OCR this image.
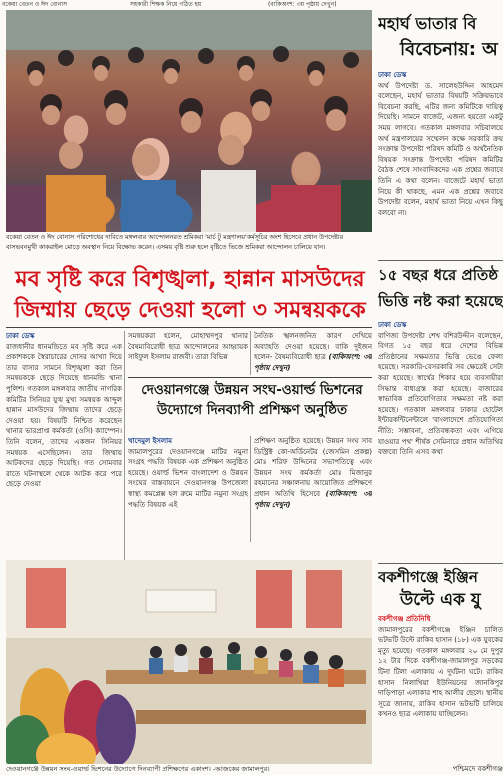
বকেয়া বেতন ও ঈদ বোনাস	সহকারী শিক্ষক নিয়ে গঠিত হয়	(বাকিঅংশ: ৩য় পৃষ্ঠায় দেখুন)
বকেয়া বেতন ও ঈদ বোনাস পরিশোধের দাবিতে মঙ্গলবার আন্দোলনরত শ্রমিকরা 'মার্চ টু মন্ত্রণালয়'কর্মসূচির অংশ হিসেবে প্রধান উপদেষ্টার বাসভবনমুখী কাকরাইল মোড়ে অবস্থান নিয়ে বিক্ষোভ করেন। এসময় বৃষ্টি শুরু হলে বৃষ্টিতে ভিজে শ্রমিকরা আন্দোলন চালিয়ে যান।
মব সৃষ্টি করে বিশৃঙ্খলা, হান্নান মাসউদের
জিম্মায় ছেড়ে দেওয়া হলো ৩ সমন্বয়ককে
ঢাকা ডেস্ক
রাজধানীর ধানমন্ডিতে মব সৃষ্টি করে এক প্রকাশককে স্বৈরাচারের দোসর আখ্যা দিয়ে তার বাসার সামনে বিশৃঙ্খলা করা তিন সমন্বয়ককে ছেড়ে দিয়েছে ধানমন্ডি থানা পুলিশ। গতকাল মঙ্গলবার জাতীয় নাগরিক কমিটির সিনিয়র যুগ্ম মুখ্য সমন্বয়ক আব্দুল হান্নান মাসউদের জিম্মায় তাদের ছেড়ে দেওয়া হয়। বিষয়টি নিশ্চিত করেছেন থানার ভারপ্রাপ্ত কর্মকর্তা (ওসি) ক্যাম্পেন। তিনি বলেন, তাদের একজন সিনিয়র সমন্বয়ক এসেছিলেন। তার জিম্মায় আটকদের ছেড়ে দিয়েছি। গত সোমবার রাতে ঘটনাস্থলে থেকে আটক করে পরে ছেড়ে দেওয়া
সমন্বয়করা হলেন, মোহাম্মদপুর থানার বৈষম্যবিরোধী ছাত্র আন্দোলনের আহ্বায়ক সাইফুল ইসলাম রাজবী। তারা বিভিন্ন
নৈতিক স্খলনজনিত কারণ দেখিয়ে অব্যাহতি দেওয়া হয়েছে। বাকি দুইজন হলেন- বৈষম্যবিরোধী ছাত্র (বাকিঅংশ: ৩য় পৃষ্ঠায় দেখুন)
দেওয়ানগঞ্জে উন্নয়ন সংঘ-ওয়ার্ল্ড ভিশনের
উদ্যোগে দিনব্যাপী প্রশিক্ষণ অনুষ্ঠিত
খাদেমুল ইসলাম
জামালপুরের দেওয়ানগঞ্জে মাটির নমুনা সংগ্রহ পদ্ধতি বিষয়ক এক প্রশিক্ষণ অনুষ্ঠিত হয়েছে। ওয়ার্ল্ড ভিশন বাংলাদেশ ও উন্নয়ন সংঘের বাস্তবায়নে দেওয়ানগঞ্জ উপজেলা স্বাস্থ্য কমপ্লেক্স হল রুমে মাটির নমুনা সংগ্রহ পদ্ধতি বিষয়ক এই
প্রশিক্ষণ অনুষ্ঠিত হয়েছে। উন্নয়ন সংঘ সাব ডিস্ট্রিক্ট কো-অর্ডিনেটর (জেসমিন প্রকল্প) মোঃ শরিফ উদ্দিনের সভাপতিত্বে এবং উন্নয়ন সংঘ কর্মকর্তা মোঃ মিজানুর রহমানের সঞ্চালনায় আয়োজিত প্রশিক্ষণে প্রধান অতিথি হিসেবে (বাকিঅংশ: ৩য় পৃষ্ঠায় দেখুন)
দেওয়ানগঞ্জে উন্নয়ন সংঘ-ওয়ার্ল্ড ভিশনের উদ্যোগে দিনব্যাপী প্রশিক্ষণের একাংশ। -আজকের জামালপুর।
মহার্ঘ ভাতার বি
বিবেচনায়: অ
ঢাকা ডেস্ক
অর্থ উপদেষ্টা ড. সালেহউদ্দিন আহমেদ বলেছেন, মহার্ঘ ভাতার বিষয়টি সক্রিয়ভাবে বিবেচনা করছি, এটির জন্য কমিটিকে দায়িত্ব দিয়েছি। সামনে বাজেট, এজন্য হয়তো একটু সময় লাগবে। গতকাল মঙ্গলবার সচিবালয়ে অর্থ মন্ত্রণালয়ের সম্মেলন কক্ষে সরকারি ক্রয় সংক্রান্ত উপদেষ্টা পরিষদ কমিটি ও অর্থনৈতিক বিষয়ক সংক্রান্ত উপদেষ্টা পরিষদ কমিটির বৈঠক শেষে সাংবাদিকদের এক প্রশ্নের জবাবে তিনি এ কথা বলেন। বাজেটে মহার্ঘ ভাতা নিয়ে কী থাকছে, এমন এক প্রশ্নের জবাবে উপদেষ্টা বলেন, মহার্ঘ ভাতা নিয়ে এখন কিছু বলবো না।
১৫ বছর ধরে প্রতিষ্ঠ
ভিত্তি নষ্ট করা হয়েছে
ঢাকা ডেস্ক
বাণিজ্য উপদেষ্টা শেখ বশিরউদ্দীন বলেছেন, বিগত ১৫ বছর ধরে দেশের বিভিন্ন প্রতিষ্ঠানের সক্ষমতার ভিত্তি ভেঙে ফেলা হয়েছে। সরকারি-বেসরকারি সব ক্ষেত্রেই সেটা করা হয়েছে। স্বার্থের শিকার হয়ে ব্যবসায়ীরা সিদ্ধান্ত বাধ্যগ্রস্ত করা হয়েছে। বাজারের স্বাভাবিক প্রতিযোগিতার সক্ষমতা নষ্ট করা হয়েছে। গতকাল মঙ্গলবার ঢাকার হোটেল ইন্টারকন্টিনেন্টালে 'বাংলাদেশে প্রতিযোগিতা নীতি: সম্ভাবনা, প্রতিবন্ধকতা এবং এগিয়ে যাওয়ার পথ' শীর্ষক সেমিনারে প্রধান অতিথির বক্তব্যে তিনি এসব কথা
বকশীগঞ্জে ইঞ্জিন
উল্টে এক যু
বকশীগঞ্জ প্রতিনিধি
জামালপুরের বকশীগঞ্জে ইঞ্জিন চালিত ভটভটি উল্টে রাকিব হাসান (১৮) এক যুবকের মৃত্যু হয়েছে। গতকাল মঙ্গলবার ২০ মে দুপুর ১২ টার দিকে বকশীগঞ্জ-জামালপুর সড়কের টিনা টিলা এলাকায় এ দুর্ঘটনা ঘটে। রাকিব হাসান নিলাখিয়া ইউনিয়নের জানকিপুর দাড়িপাড়া এলাকার শাহ আলীর ছেলে। স্থানীয় সূত্রে জানায়, রাকিব হাসান ভটভটি চালিয়ে কখনও ছাত্র এলাকায় যাচ্ছিলেন।
পশ্চিমদে বকশীগঞ্জ
